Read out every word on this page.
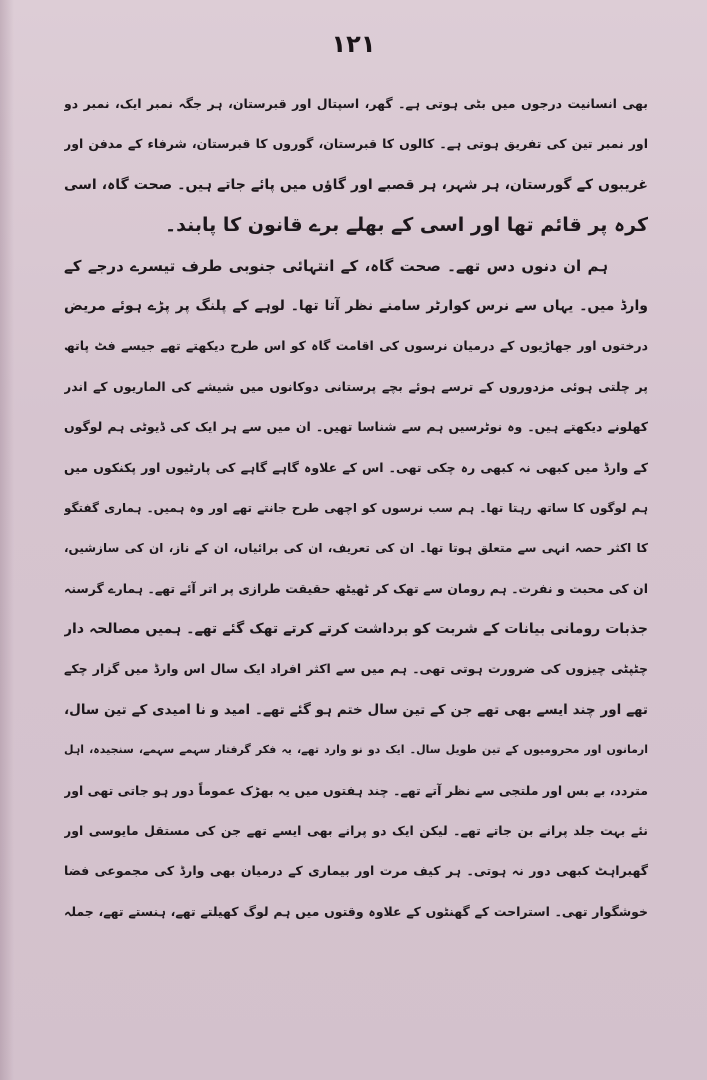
۱۲۱
بھی انسانیت درجوں میں بٹی ہوتی ہے۔ گھر، اسپتال اور قبرستان، ہر جگہ نمبر ایک، نمبر دو
اور نمبر تین کی تفریق ہوتی ہے۔ کالوں کا قبرستان، گوروں کا قبرستان، شرفاء کے مدفن اور
غریبوں کے گورستان، ہر شہر، ہر قصبے اور گاؤں میں پائے جاتے ہیں۔ صحت گاہ، اسی
کرہ پر قائم تھا اور اسی کے بھلے برے قانون کا پابند۔
ہم ان دنوں دس تھے۔ صحت گاہ، کے انتہائی جنوبی طرف تیسرے درجے کے
وارڈ میں۔ یہاں سے نرس کوارٹر سامنے نظر آتا تھا۔ لوہے کے پلنگ پر پڑے ہوئے مریض
درختوں اور جھاڑیوں کے درمیان نرسوں کی اقامت گاہ کو اس طرح دیکھتے تھے جیسے فٹ پاتھ
پر چلتی ہوئی مزدوروں کے ترسے ہوئے بچے پرستانی دوکانوں میں شیشے کی الماریوں کے اندر
کھلونے دیکھتے ہیں۔ وہ نوٹرسیں ہم سے شناسا تھیں۔ ان میں سے ہر ایک کی ڈیوٹی ہم لوگوں
کے وارڈ میں کبھی نہ کبھی رہ چکی تھی۔ اس کے علاوہ گاہے گاہے کی پارٹیوں اور پکنکوں میں
ہم لوگوں کا ساتھ رہتا تھا۔ ہم سب نرسوں کو اچھی طرح جانتے تھے اور وہ ہمیں۔ ہماری گفتگو
کا اکثر حصہ انہی سے متعلق ہوتا تھا۔ ان کی تعریف، ان کی برائیاں، ان کے ناز، ان کی سازشیں،
ان کی محبت و نفرت۔ ہم رومان سے تھک کر ٹھیٹھ حقیقت طرازی پر اتر آئے تھے۔ ہمارے گرسنہ
جذبات رومانی بیانات کے شربت کو برداشت کرتے کرتے تھک گئے تھے۔ ہمیں مصالحہ دار
چٹپٹی چیزوں کی ضرورت ہوتی تھی۔ ہم میں سے اکثر افراد ایک سال اس وارڈ میں گزار چکے
تھے اور چند ایسے بھی تھے جن کے تین سال ختم ہو گئے تھے۔ امید و نا امیدی کے تین سال،
ارمانوں اور محرومیوں کے تین طویل سال۔ ایک دو نو وارد تھے، یہ فکر گرفتار سہمے سہمے، سنجیدہ، اہل
متردد، بے بس اور ملتجی سے نظر آتے تھے۔ چند ہفتوں میں یہ بھڑک عموماً دور ہو جاتی تھی اور
نئے بہت جلد پرانے بن جاتے تھے۔ لیکن ایک دو پرانے بھی ایسے تھے جن کی مستقل مایوسی اور
گھبراہٹ کبھی دور نہ ہوتی۔ ہر کیف مرت اور بیماری کے درمیان بھی وارڈ کی مجموعی فضا
خوشگوار تھی۔ استراحت کے گھنٹوں کے علاوہ وقتوں میں ہم لوگ کھیلتے تھے، ہنستے تھے، جملہ
